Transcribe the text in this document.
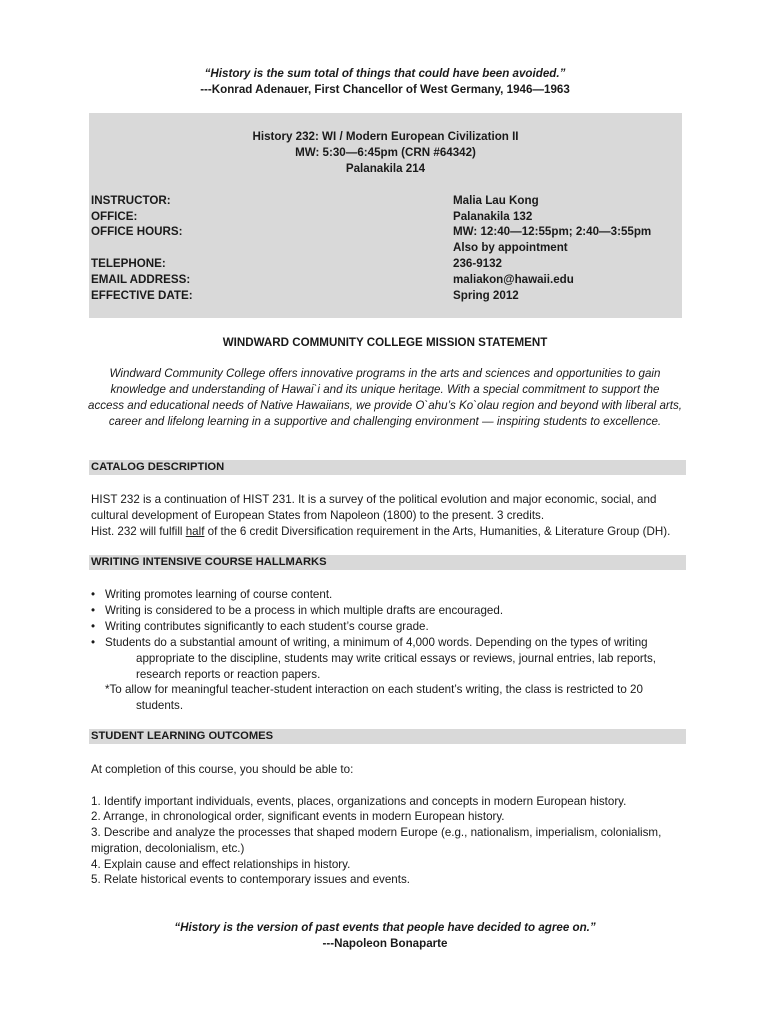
“History is the sum total of things that could have been avoided.”
---Konrad Adenauer, First Chancellor of West Germany, 1946—1963
History 232: WI / Modern European Civilization II
MW: 5:30—6:45pm (CRN #64342)
Palanakila 214
INSTRUCTOR:
OFFICE:
OFFICE HOURS:
TELEPHONE:
EMAIL ADDRESS:
EFFECTIVE DATE:
Malia Lau Kong
Palanakila 132
MW: 12:40—12:55pm; 2:40—3:55pm
Also by appointment
236-9132
maliakon@hawaii.edu
Spring 2012
WINDWARD COMMUNITY COLLEGE MISSION STATEMENT
Windward Community College offers innovative programs in the arts and sciences and opportunities to gain
knowledge and understanding of Hawai`i and its unique heritage. With a special commitment to support the
access and educational needs of Native Hawaiians, we provide O`ahu’s Ko`olau region and beyond with liberal arts,
career and lifelong learning in a supportive and challenging environment — inspiring students to excellence.
CATALOG DESCRIPTION
HIST 232 is a continuation of HIST 231. It is a survey of the political evolution and major economic, social, and
cultural development of European States from Napoleon (1800) to the present. 3 credits.
Hist. 232 will fulfill half of the 6 credit Diversification requirement in the Arts, Humanities, & Literature Group (DH).
WRITING INTENSIVE COURSE HALLMARKS
• Writing promotes learning of course content.
• Writing is considered to be a process in which multiple drafts are encouraged.
• Writing contributes significantly to each student’s course grade.
• Students do a substantial amount of writing, a minimum of 4,000 words. Depending on the types of writing
appropriate to the discipline, students may write critical essays or reviews, journal entries, lab reports,
research reports or reaction papers.
*To allow for meaningful teacher-student interaction on each student’s writing, the class is restricted to 20
students.
STUDENT LEARNING OUTCOMES
At completion of this course, you should be able to:
1. Identify important individuals, events, places, organizations and concepts in modern European history.
2. Arrange, in chronological order, significant events in modern European history.
3. Describe and analyze the processes that shaped modern Europe (e.g., nationalism, imperialism, colonialism,
migration, decolonialism, etc.)
4. Explain cause and effect relationships in history.
5. Relate historical events to contemporary issues and events.
“History is the version of past events that people have decided to agree on.”
---Napoleon Bonaparte
